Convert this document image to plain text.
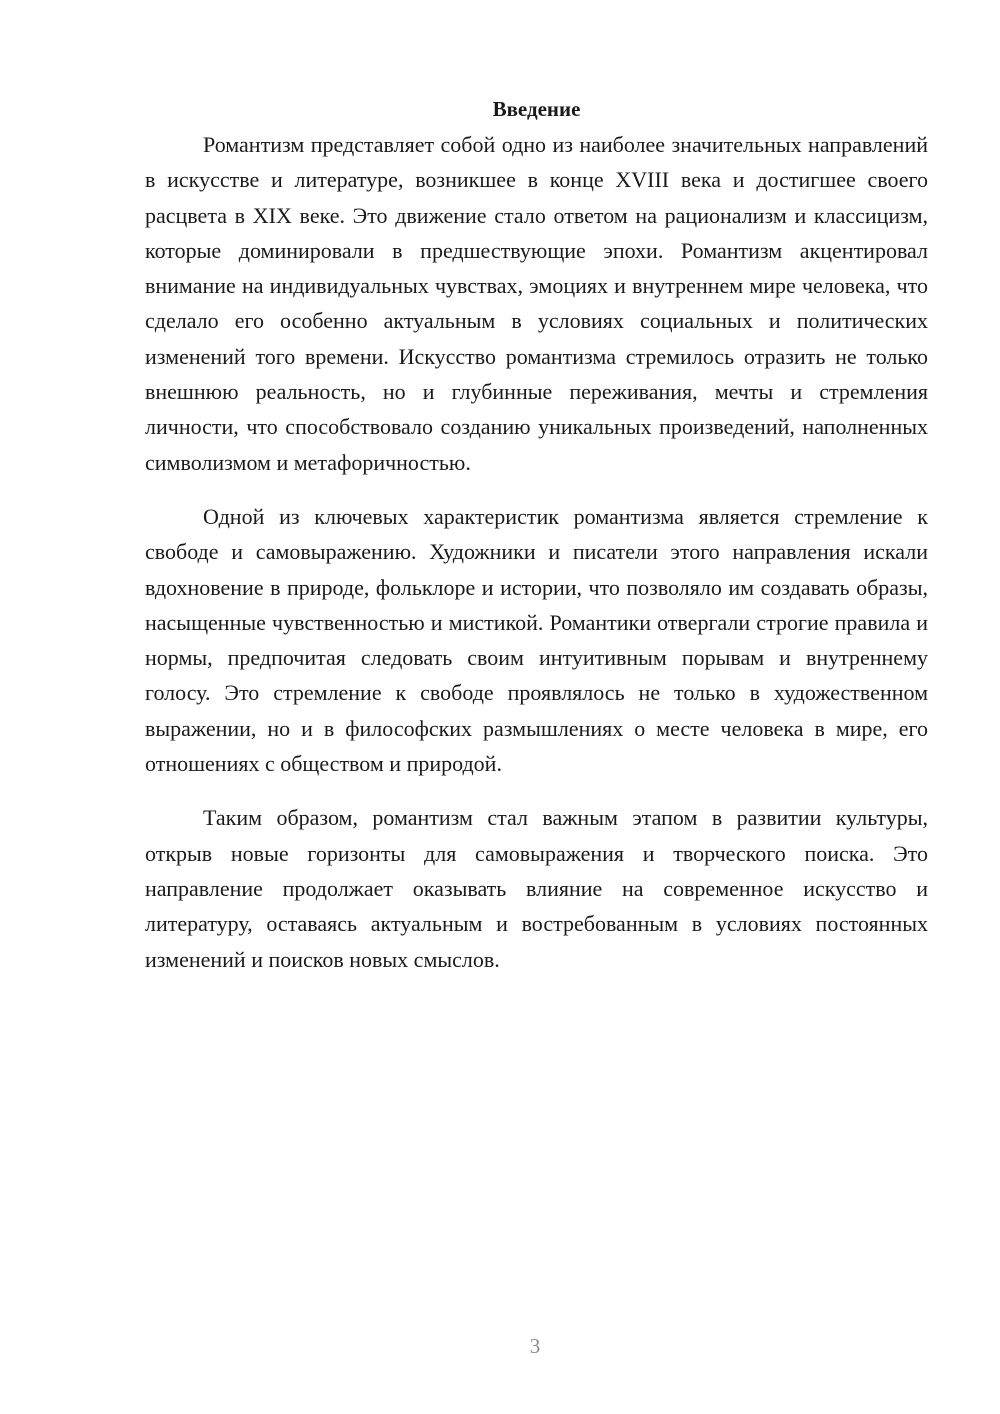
Введение

Романтизм представляет собой одно из наиболее значительных направлений в искусстве и литературе, возникшее в конце XVIII века и достигшее своего расцвета в XIX веке. Это движение стало ответом на рационализм и классицизм, которые доминировали в предшествующие эпохи. Романтизм акцентировал внимание на индивидуальных чувствах, эмоциях и внутреннем мире человека, что сделало его особенно актуальным в условиях социальных и политических изменений того времени. Искусство романтизма стремилось отразить не только внешнюю реальность, но и глубинные переживания, мечты и стремления личности, что способствовало созданию уникальных произведений, наполненных символизмом и метафоричностью.

Одной из ключевых характеристик романтизма является стремление к свободе и самовыражению. Художники и писатели этого направления искали вдохновение в природе, фольклоре и истории, что позволяло им создавать образы, насыщенные чувственностью и мистикой. Романтики отвергали строгие правила и нормы, предпочитая следовать своим интуитивным порывам и внутреннему голосу. Это стремление к свободе проявлялось не только в художественном выражении, но и в философских размышлениях о месте человека в мире, его отношениях с обществом и природой.

Таким образом, романтизм стал важным этапом в развитии культуры, открыв новые горизонты для самовыражения и творческого поиска. Это направление продолжает оказывать влияние на современное искусство и литературу, оставаясь актуальным и востребованным в условиях постоянных изменений и поисков новых смыслов.

3
